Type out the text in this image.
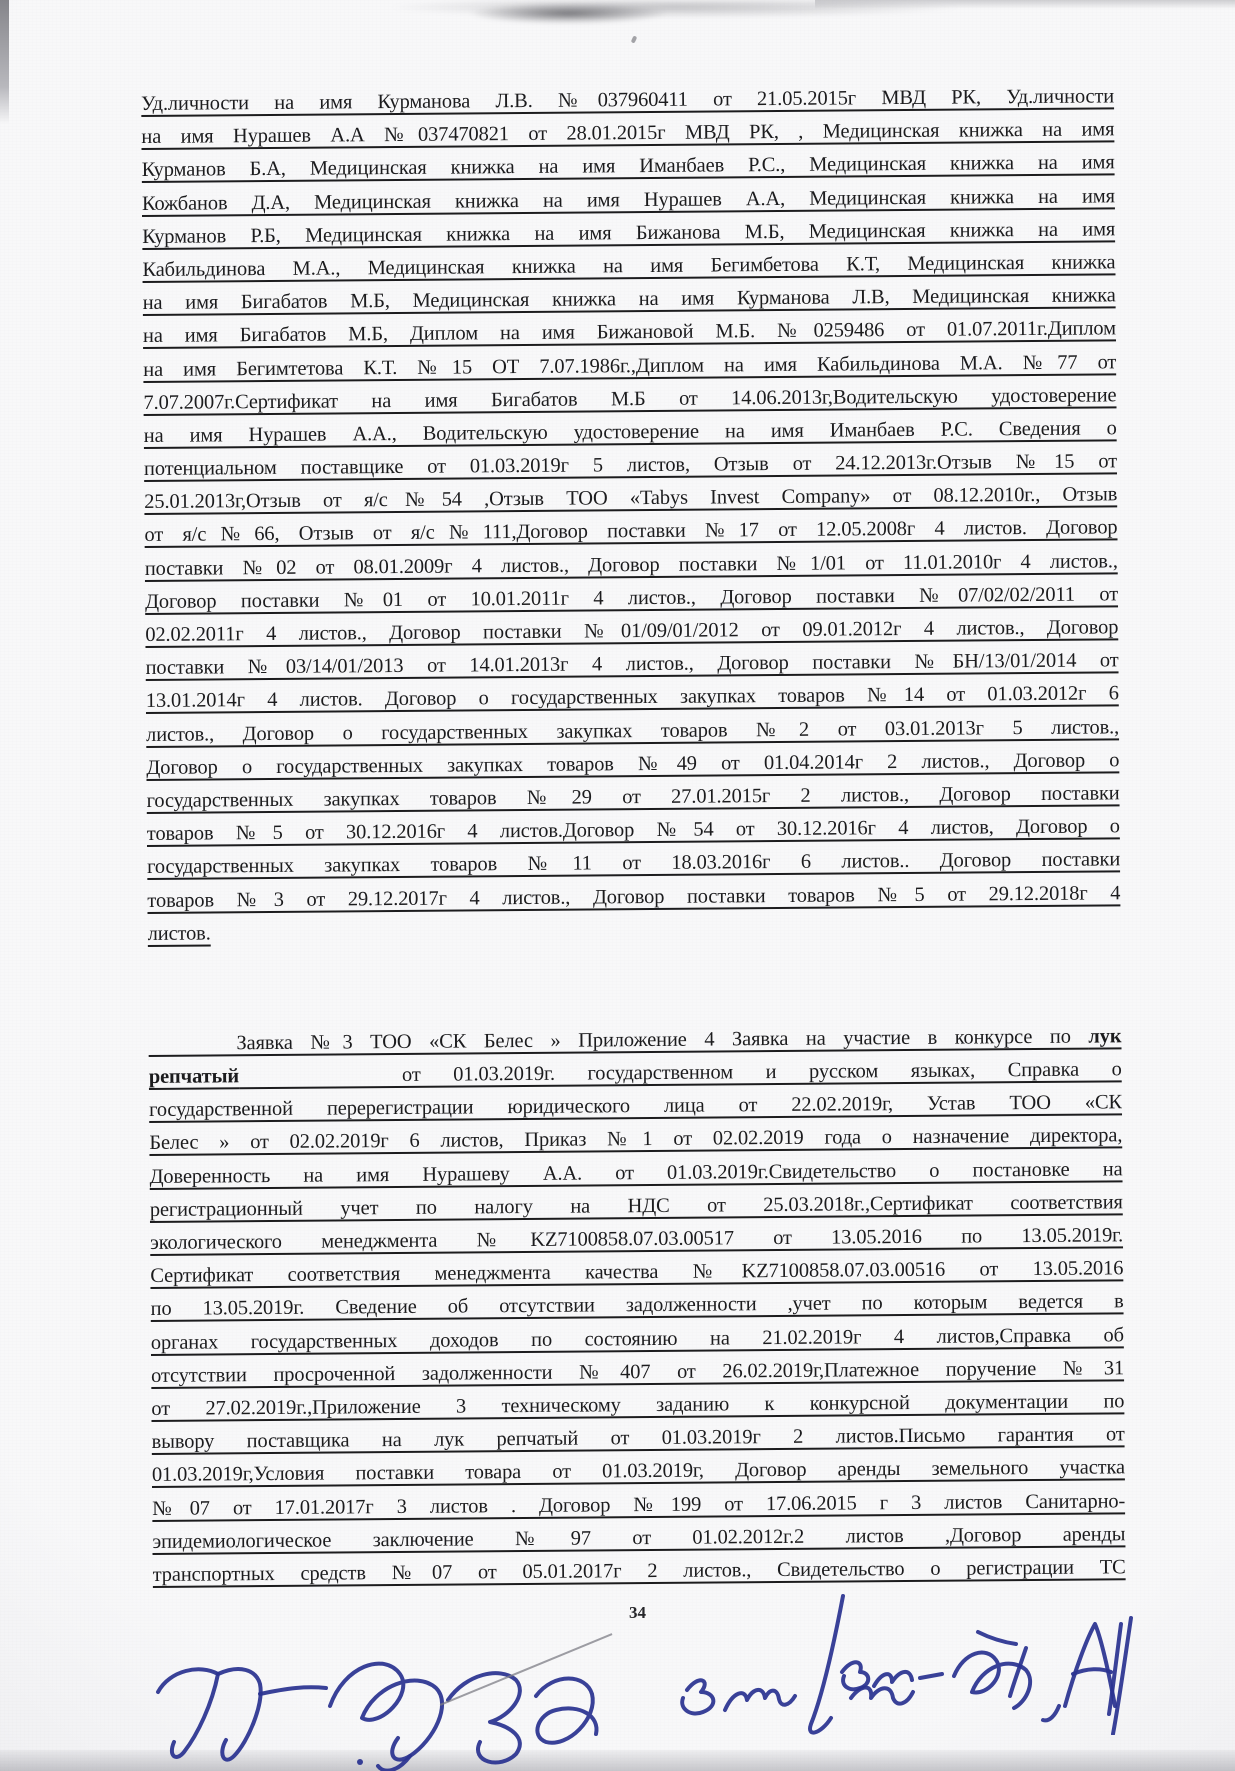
Уд.личности на имя Курманова Л.В. №037960411 от 21.05.2015г МВД РК, Уд.личности
на имя Нурашев А.А №037470821 от 28.01.2015г МВД РК, , Медицинская книжка на имя
Курманов Б.А, Медицинская книжка на имя Иманбаев Р.С., Медицинская книжка на имя
Кожбанов Д.А, Медицинская книжка на имя Нурашев А.А, Медицинская книжка на имя
Курманов Р.Б, Медицинская книжка на имя Бижанова М.Б, Медицинская книжка на имя
Кабильдинова М.А., Медицинская книжка на имя Бегимбетова К.Т, Медицинская книжка
на имя Бигабатов М.Б, Медицинская книжка на имя Курманова Л.В, Медицинская книжка
на имя Бигабатов М.Б, Диплом на имя Бижановой М.Б. №0259486 от 01.07.2011г.Диплом
на имя Бегимтетова К.Т. №15 ОТ 7.07.1986г.,Диплом на имя Кабильдинова М.А. №77 от
7.07.2007г.Сертификат на имя Бигабатов М.Б от 14.06.2013г,Водительскую удостоверение
на имя Нурашев А.А., Водительскую удостоверение на имя Иманбаев Р.С. Сведения о
потенциальном поставщике от 01.03.2019г 5 листов, Отзыв от 24.12.2013г.Отзыв №15 от
25.01.2013г,Отзыв от я/с№54 ,Отзыв ТОО «Tabys Invest Company» от 08.12.2010г., Отзыв
от я/с№66, Отзыв от я/с№111,Договор поставки №17 от 12.05.2008г 4 листов. Договор
поставки №02 от 08.01.2009г 4 листов., Договор поставки №1/01 от 11.01.2010г 4 листов.,
Договор поставки №01 от 10.01.2011г 4 листов., Договор поставки №07/02/02/2011 от
02.02.2011г 4 листов., Договор поставки №01/09/01/2012 от 09.01.2012г 4 листов., Договор
поставки №03/14/01/2013 от 14.01.2013г 4 листов., Договор поставки №БН/13/01/2014 от
13.01.2014г 4 листов. Договор о государственных закупках товаров №14 от 01.03.2012г 6
листов., Договор о государственных закупках товаров №2 от 03.01.2013г 5 листов.,
Договор о государственных закупках товаров №49 от 01.04.2014г 2 листов., Договор о
государственных закупках товаров №29 от 27.01.2015г 2 листов., Договор поставки
товаров №5 от 30.12.2016г 4 листов.Договор №54 от 30.12.2016г 4 листов, Договор о
государственных закупках товаров №11 от 18.03.2016г 6 листов.. Договор поставки
товаров №3 от 29.12.2017г 4 листов., Договор поставки товаров №5 от 29.12.2018г 4
листов.
Заявка №3 ТОО «СК Белес » Приложение 4 Заявка на участие в конкурсе по лук
репчатый     от 01.03.2019г. государственном и русском языках, Справка о
государственной перерегистрации юридического лица от 22.02.2019г, Устав ТОО «СК
Белес » от 02.02.2019г 6 листов, Приказ №1 от 02.02.2019 года о назначение директора,
Доверенность на имя Нурашеву А.А. от 01.03.2019г.Свидетельство о постановке на
регистрационный учет по налогу на НДС от 25.03.2018г.,Сертификат соответствия
экологического менеджмента №KZ7100858.07.03.00517 от 13.05.2016 по 13.05.2019г.
Сертификат соответствия менеджмента качества №KZ7100858.07.03.00516 от 13.05.2016
по 13.05.2019г. Сведение об отсутствии задолженности ,учет по которым ведется в
органах государственных доходов по состоянию на 21.02.2019г 4 листов,Справка об
отсутствии просроченной задолженности №407 от 26.02.2019г,Платежное поручение №31
от 27.02.2019г.,Приложение 3 техническому заданию к конкурсной документации по
вывору поставщика на лук репчатый от 01.03.2019г 2 листов.Письмо гарантия от
01.03.2019г,Условия поставки товара от 01.03.2019г, Договор аренды земельного участка
№07 от 17.01.2017г 3 листов . Договор №199 от 17.06.2015 г 3 листов Санитарно-
эпидемиологическое заключение №97 от 01.02.2012г.2 листов ,Договор аренды
транспортных средств №07 от 05.01.2017г 2 листов., Свидетельство о регистрации ТС
34
